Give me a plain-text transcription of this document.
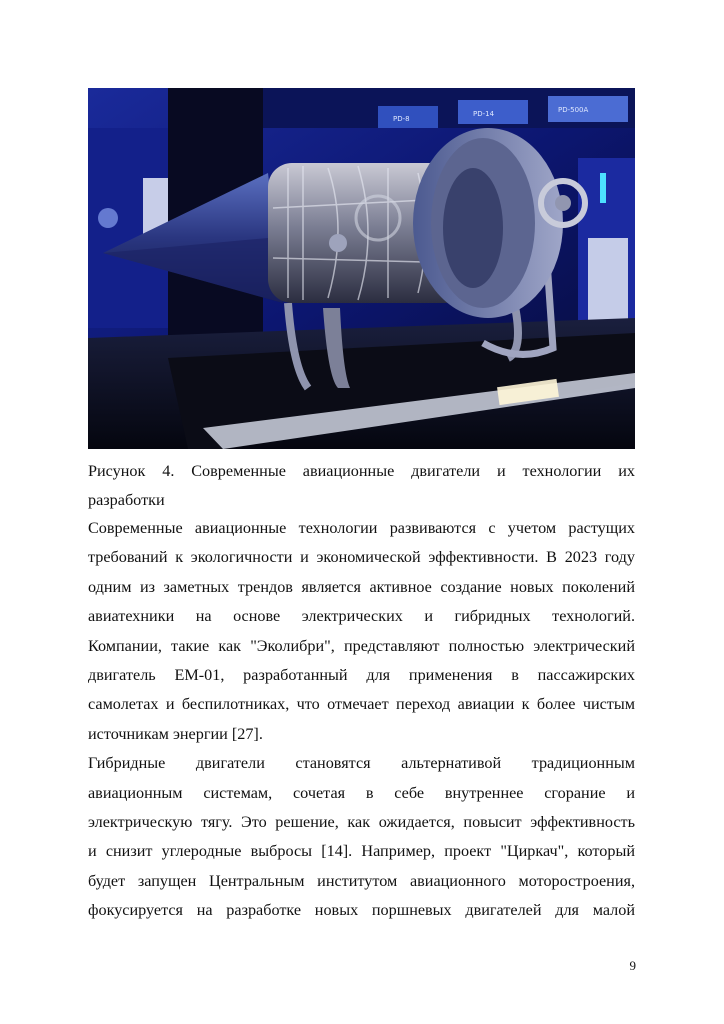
PD-8
PD-14	PD-500A
Рисунок 4. Современные авиационные двигатели и технологии их
разработки
Современные авиационные технологии развиваются с учетом растущих
требований к экологичности и экономической эффективности. В 2023 году
одним из заметных трендов является активное создание новых поколений
авиатехники на основе электрических и гибридных технологий.
Компании, такие как "Эколибри", представляют полностью электрический
двигатель ЕМ-01, разработанный для применения в пассажирских
самолетах и беспилотниках, что отмечает переход авиации к более чистым
источникам энергии [27].
Гибридные двигатели становятся альтернативой традиционным
авиационным системам, сочетая в себе внутреннее сгорание и
электрическую тягу. Это решение, как ожидается, повысит эффективность
и снизит углеродные выбросы [14]. Например, проект "Циркач", который
будет запущен Центральным институтом авиационного моторостроения,
фокусируется на разработке новых поршневых двигателей для малой
9
